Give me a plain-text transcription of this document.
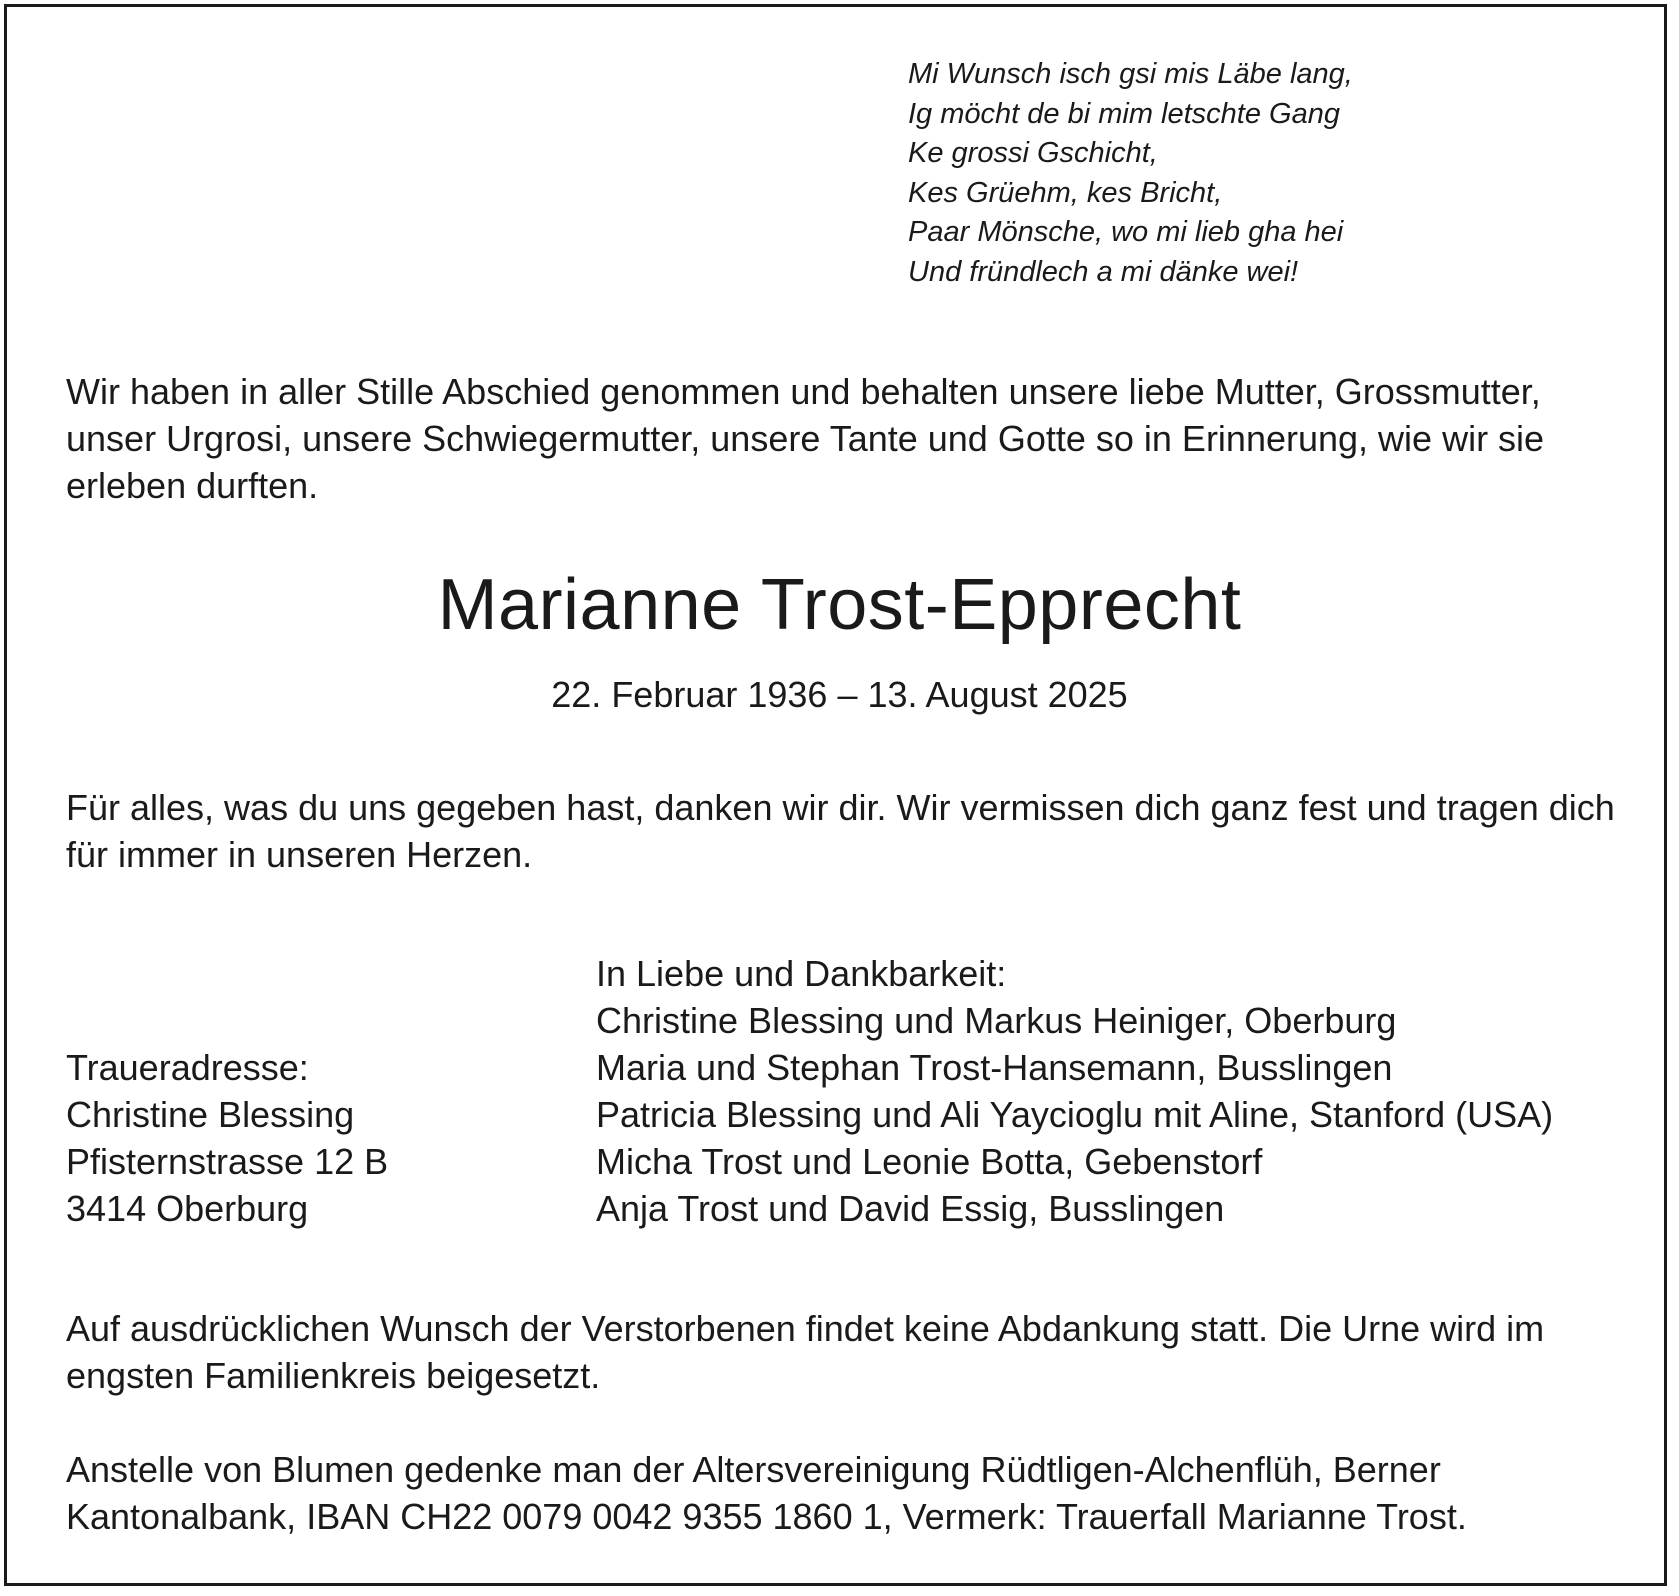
Mi Wunsch isch gsi mis Läbe lang,
Ig möcht de bi mim letschte Gang
Ke grossi Gschicht,
Kes Grüehm, kes Bricht,
Paar Mönsche, wo mi lieb gha hei
Und fründlech a mi dänke wei!
Wir haben in aller Stille Abschied genommen und behalten unsere liebe Mutter, Grossmutter, unser Urgrosi, unsere Schwiegermutter, unsere Tante und Gotte so in Erinnerung, wie wir sie erleben durften.
Marianne Trost-Epprecht
22. Februar 1936 – 13. August 2025
Für alles, was du uns gegeben hast, danken wir dir. Wir vermissen dich ganz fest und tragen dich für immer in unseren Herzen.
In Liebe und Dankbarkeit:
Christine Blessing und Markus Heiniger, Oberburg
Maria und Stephan Trost-Hansemann, Busslingen
Patricia Blessing und Ali Yaycioglu mit Aline, Stanford (USA)
Micha Trost und Leonie Botta, Gebenstorf
Anja Trost und David Essig, Busslingen
Traueradresse:
Christine Blessing
Pfisternstrasse 12 B
3414 Oberburg
Auf ausdrücklichen Wunsch der Verstorbenen findet keine Abdankung statt. Die Urne wird im engsten Familienkreis beigesetzt.
Anstelle von Blumen gedenke man der Altersvereinigung Rüdtligen-Alchenflüh, Berner Kantonalbank, IBAN CH22 0079 0042 9355 1860 1, Vermerk: Trauerfall Marianne Trost.
